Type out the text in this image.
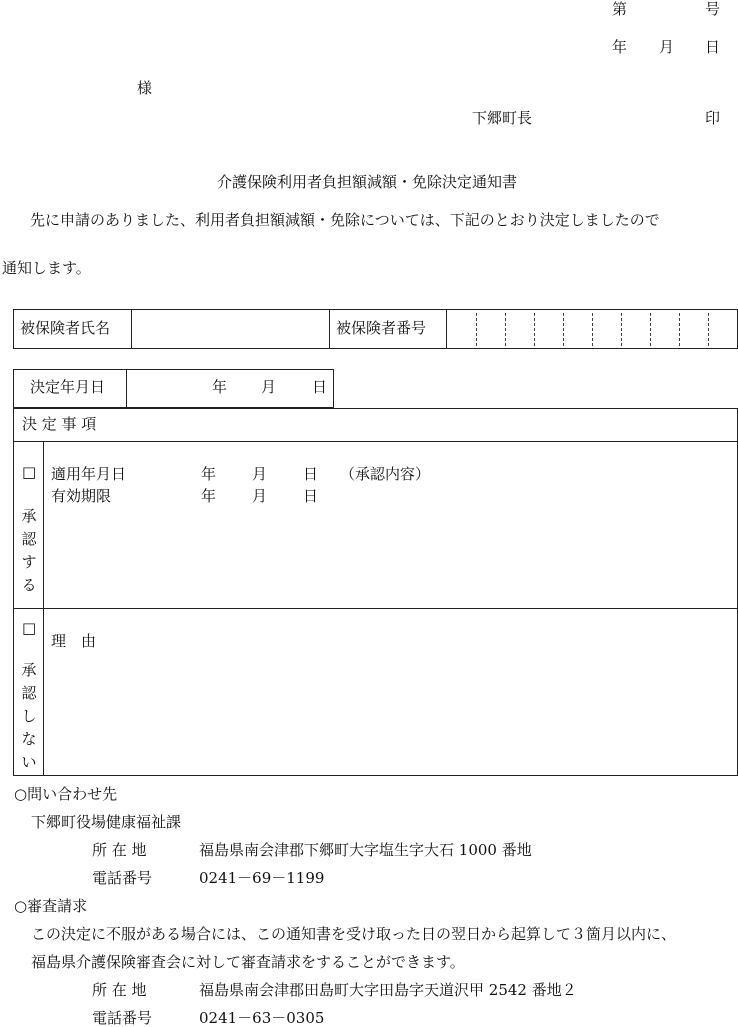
第	号
年 月 日
様
下郷町長	印
介護保険利用者負担額減額・免除決定通知書
先に申請のありました、利用者負担額減額・免除については、下記のとおり決定しましたので
通知します。
被保険者氏名	被保険者番号
決定年月日	年 月 日
決 定 事 項
□
承
認
す
る
適用年月日	年 月 日 （承認内容）
有効期限	年 月 日
□
承
認
し
な
い
理　由
○問い合わせ先
下郷町役場健康福祉課
所 在 地	福島県南会津郡下郷町大字塩生字大石 1000 番地
電話番号	0241－69－1199
○審査請求
この決定に不服がある場合には、この通知書を受け取った日の翌日から起算して３箇月以内に、
福島県介護保険審査会に対して審査請求をすることができます。
所 在 地	福島県南会津郡田島町大字田島字天道沢甲 2542 番地２
電話番号	0241－63－0305
